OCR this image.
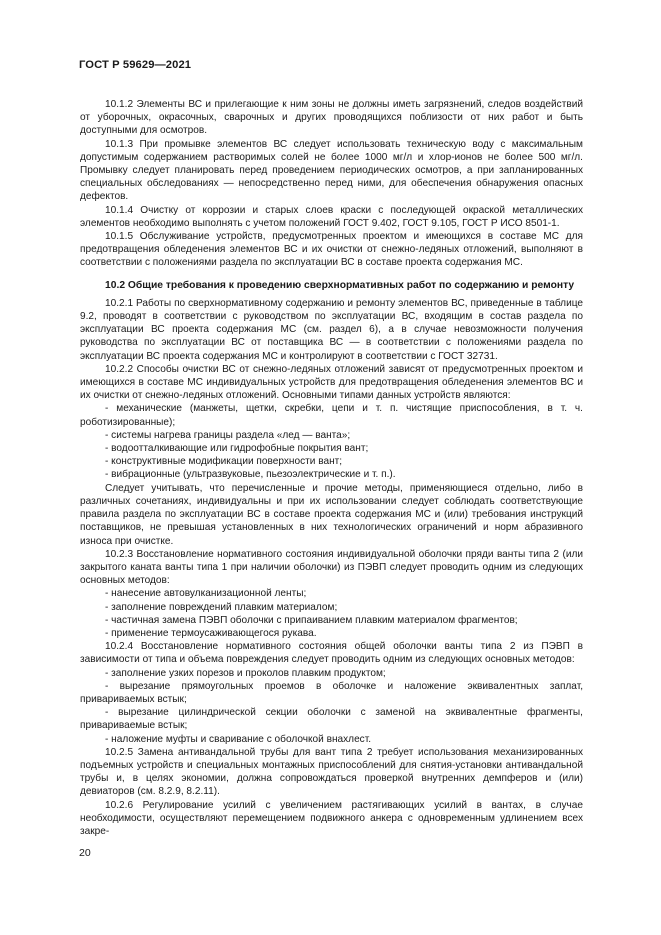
ГОСТ Р 59629—2021

10.1.2 Элементы ВС и прилегающие к ним зоны не должны иметь загрязнений, следов воздействий от уборочных, окрасочных, сварочных и других проводящихся поблизости от них работ и быть доступными для осмотров.

10.1.3 При промывке элементов ВС следует использовать техническую воду с максимальным допустимым содержанием растворимых солей не более 1000 мг/л и хлор-ионов не более 500 мг/л. Промывку следует планировать перед проведением периодических осмотров, а при запланированных специальных обследованиях — непосредственно перед ними, для обеспечения обнаружения опасных дефектов.

10.1.4 Очистку от коррозии и старых слоев краски с последующей окраской металлических элементов необходимо выполнять с учетом положений ГОСТ 9.402, ГОСТ 9.105, ГОСТ Р ИСО 8501-1.

10.1.5 Обслуживание устройств, предусмотренных проектом и имеющихся в составе МС для предотвращения обледенения элементов ВС и их очистки от снежно-ледяных отложений, выполняют в соответствии с положениями раздела по эксплуатации ВС в составе проекта содержания МС.

10.2 Общие требования к проведению сверхнормативных работ по содержанию и ремонту

10.2.1 Работы по сверхнормативному содержанию и ремонту элементов ВС, приведенные в таблице 9.2, проводят в соответствии с руководством по эксплуатации ВС, входящим в состав раздела по эксплуатации ВС проекта содержания МС (см. раздел 6), а в случае невозможности получения руководства по эксплуатации ВС от поставщика ВС — в соответствии с положениями раздела по эксплуатации ВС проекта содержания МС и контролируют в соответствии с ГОСТ 32731.

10.2.2 Способы очистки ВС от снежно-ледяных отложений зависят от предусмотренных проектом и имеющихся в составе МС индивидуальных устройств для предотвращения обледенения элементов ВС и их очистки от снежно-ледяных отложений. Основными типами данных устройств являются:

- механические (манжеты, щетки, скребки, цепи и т. п. чистящие приспособления, в т. ч. роботизированные);

- системы нагрева границы раздела «лед — ванта»;

- водоотталкивающие или гидрофобные покрытия вант;

- конструктивные модификации поверхности вант;

- вибрационные (ультразвуковые, пьезоэлектрические и т. п.).

Следует учитывать, что перечисленные и прочие методы, применяющиеся отдельно, либо в различных сочетаниях, индивидуальны и при их использовании следует соблюдать соответствующие правила раздела по эксплуатации ВС в составе проекта содержания МС и (или) требования инструкций поставщиков, не превышая установленных в них технологических ограничений и норм абразивного износа при очистке.

10.2.3 Восстановление нормативного состояния индивидуальной оболочки пряди ванты типа 2 (или закрытого каната ванты типа 1 при наличии оболочки) из ПЭВП следует проводить одним из следующих основных методов:

- нанесение автовулканизационной ленты;

- заполнение повреждений плавким материалом;

- частичная замена ПЭВП оболочки с припаиванием плавким материалом фрагментов;

- применение термоусаживающегося рукава.

10.2.4 Восстановление нормативного состояния общей оболочки ванты типа 2 из ПЭВП в зависимости от типа и объема повреждения следует проводить одним из следующих основных методов:

- заполнение узких порезов и проколов плавким продуктом;

- вырезание прямоугольных проемов в оболочке и наложение эквивалентных заплат, привариваемых встык;

- вырезание цилиндрической секции оболочки с заменой на эквивалентные фрагменты, привариваемые встык;

- наложение муфты и сваривание с оболочкой внахлест.

10.2.5 Замена антивандальной трубы для вант типа 2 требует использования механизированных подъемных устройств и специальных монтажных приспособлений для снятия-установки антивандальной трубы и, в целях экономии, должна сопровождаться проверкой внутренних демпферов и (или) девиаторов (см. 8.2.9, 8.2.11).

10.2.6 Регулирование усилий с увеличением растягивающих усилий в вантах, в случае необходимости, осуществляют перемещением подвижного анкера с одновременным удлинением всех закре-

20
